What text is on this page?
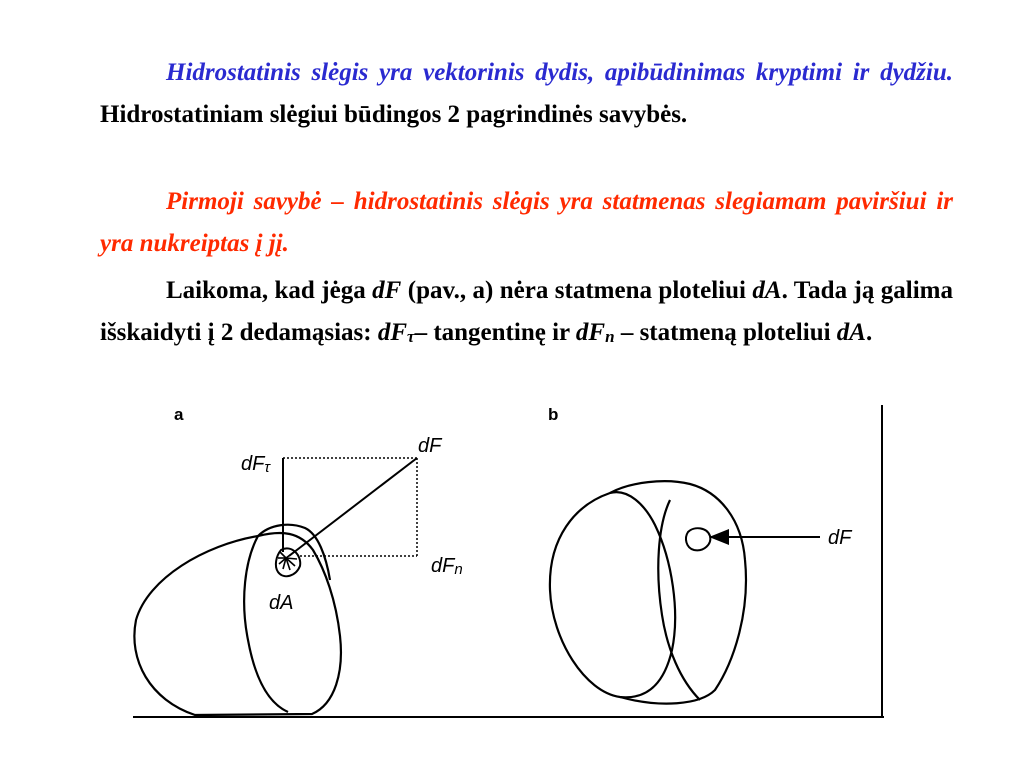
Hidrostatinis slėgis yra vektorinis dydis, apibūdinimas kryptimi ir dydžiu. Hidrostatiniam slėgiui būdingos 2 pagrindinės savybės.
Pirmoji savybė – hidrostatinis slėgis yra statmenas slegiamam paviršiui ir yra nukreiptas į jį.
Laikoma, kad jėga dF (pav., a) nėra statmena ploteliui dA. Tada ją galima išskaidyti į 2 dedamąsias: $dF_\tau-$ tangentinę ir $dF_n$ – statmeną ploteliui dA.
a	b
dF
dFτ
dFn
dA
dF
